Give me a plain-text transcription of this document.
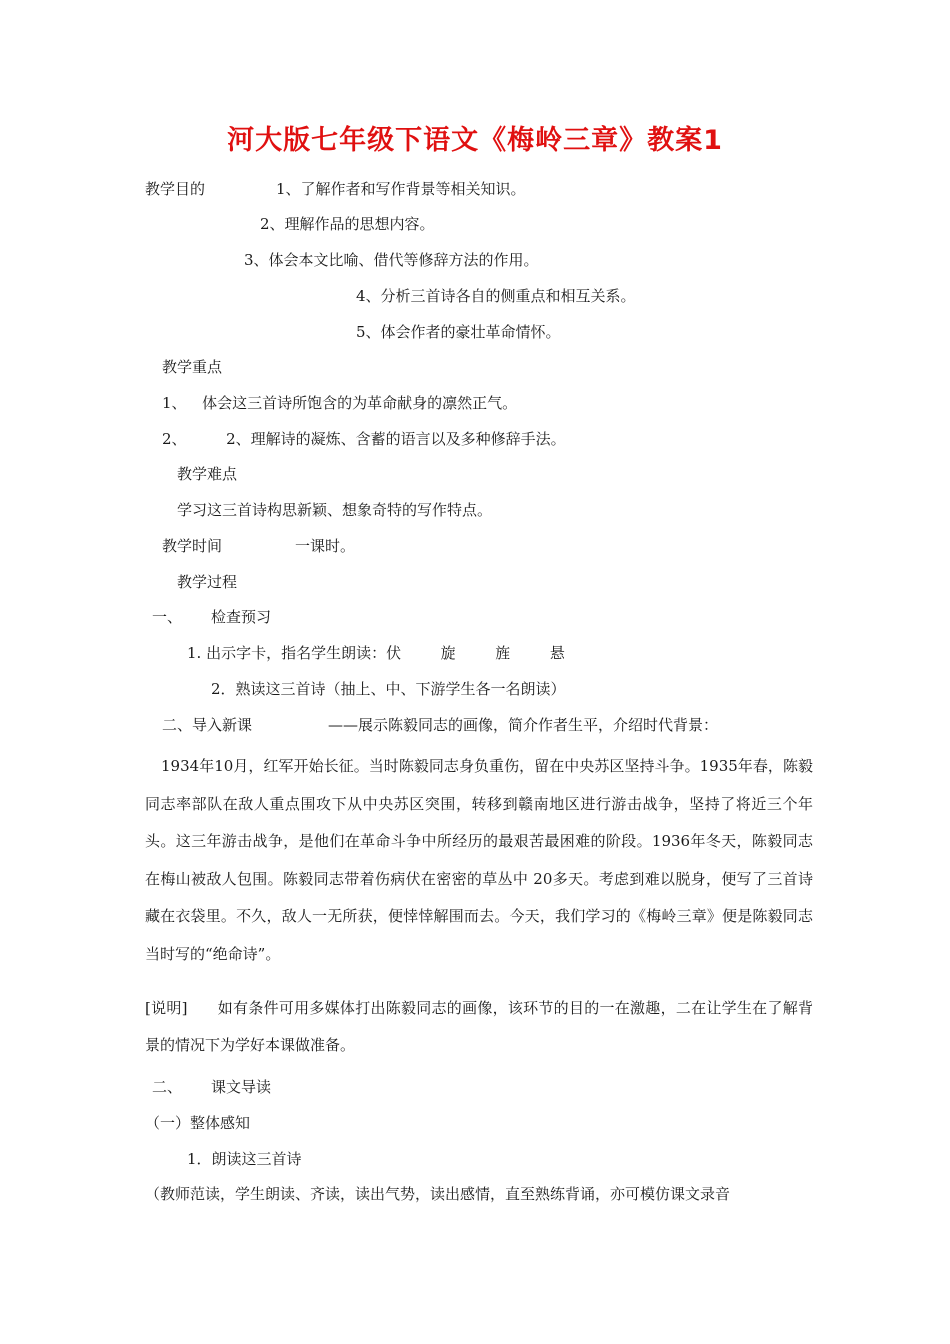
河大版七年级下语文《梅岭三章》教案1
教学目的	1、了解作者和写作背景等相关知识。
2、理解作品的思想内容。
3、体会本文比喻、借代等修辞方法的作用。
4、分析三首诗各自的侧重点和相互关系。
5、体会作者的豪壮革命情怀。
教学重点
1、 体会这三首诗所饱含的为革命献身的凛然正气。
2、	2、理解诗的凝炼、含蓄的语言以及多种修辞手法。
教学难点
学习这三首诗构思新颖、想象奇特的写作特点。
教学时间	一课时。
教学过程
一、 检查预习
1. 出示字卡，指名学生朗读：伏	旋	旌	悬
2．熟读这三首诗（抽上、中、下游学生各一名朗读）
二、导入新课	——展示陈毅同志的画像，简介作者生平，介绍时代背景：
1934年10月，红军开始长征。当时陈毅同志身负重伤，留在中央苏区坚持斗争。1935年春，陈毅同志率部队在敌人重点围攻下从中央苏区突围，转移到赣南地区进行游击战争，坚持了将近三个年头。这三年游击战争，是他们在革命斗争中所经历的最艰苦最困难的阶段。1936年冬天，陈毅同志在梅山被敌人包围。陈毅同志带着伤病伏在密密的草丛中 20多天。考虑到难以脱身，便写了三首诗藏在衣袋里。不久，敌人一无所获，便悻悻解围而去。今天，我们学习的《梅岭三章》便是陈毅同志当时写的“绝命诗”。
[说明] 如有条件可用多媒体打出陈毅同志的画像，该环节的目的一在激趣，二在让学生在了解背景的情况下为学好本课做准备。
二、 课文导读
（一）整体感知
1．朗读这三首诗
（教师范读，学生朗读、齐读，读出气势，读出感情，直至熟练背诵，亦可模仿课文录音
